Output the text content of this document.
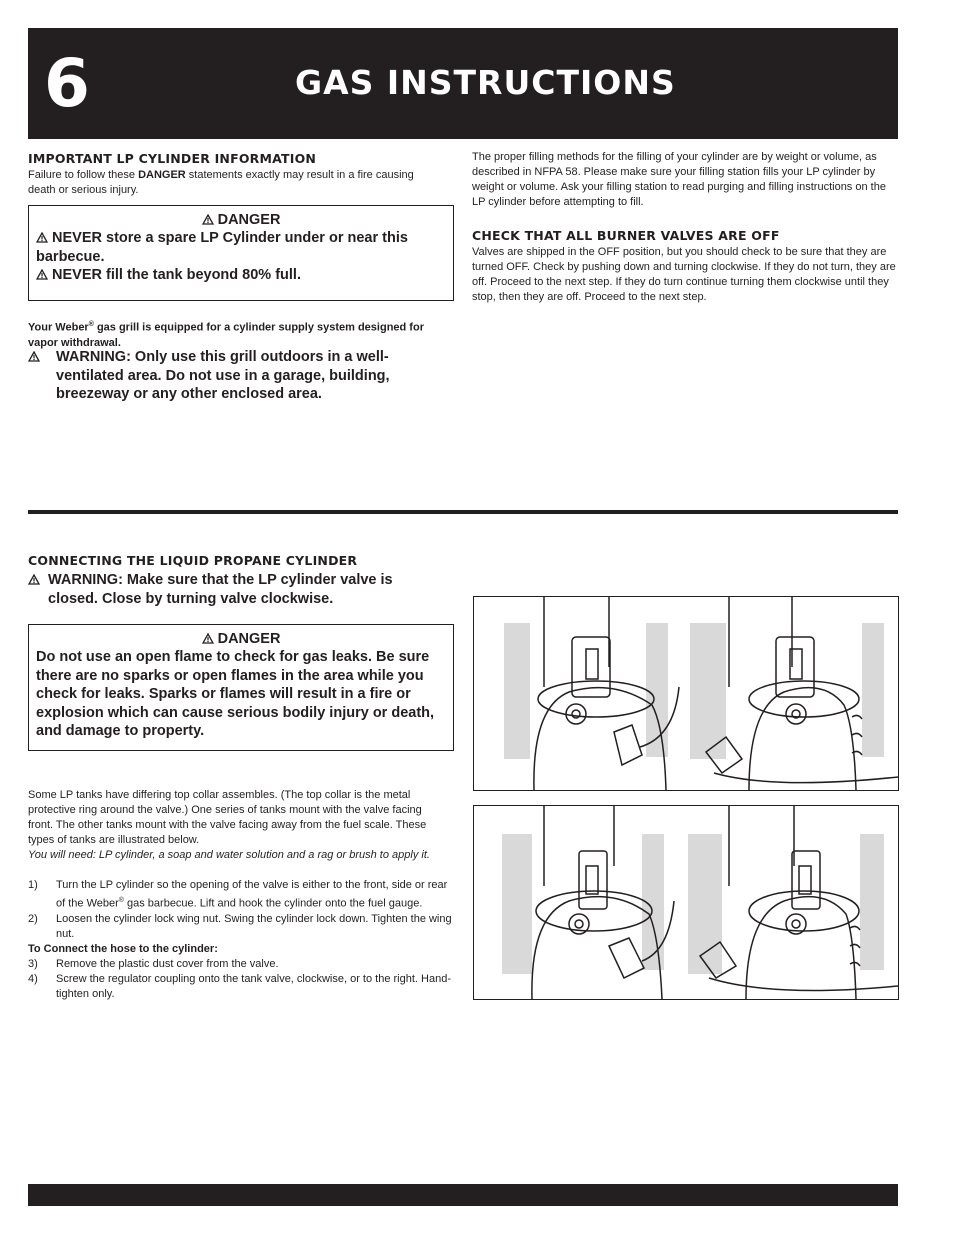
6	GAS INSTRUCTIONS
IMPORTANT LP CYLINDER INFORMATION
Failure to follow these DANGER statements exactly may result in a fire causing death or serious injury.
DANGER
NEVER store a spare LP Cylinder under or near this barbecue.
NEVER fill the tank beyond 80% full.
Your Weber® gas grill is equipped for a cylinder supply system designed for vapor withdrawal.
WARNING: Only use this grill outdoors in a well-ventilated area. Do not use in a garage, building, breezeway or any other enclosed area.
The proper filling methods for the filling of your cylinder are by weight or volume, as described in NFPA 58. Please make sure your filling station fills your LP cylinder by weight or volume. Ask your filling station to read purging and filling instructions on the LP cylinder before attempting to fill.
CHECK THAT ALL BURNER VALVES ARE OFF
Valves are shipped in the OFF position, but you should check to be sure that they are turned OFF. Check by pushing down and turning clockwise. If they do not turn, they are off. Proceed to the next step. If they do turn continue turning them clockwise until they stop, then they are off. Proceed to the next step.
CONNECTING THE LIQUID PROPANE CYLINDER
WARNING: Make sure that the LP cylinder valve is closed. Close by turning valve clockwise.
DANGER
Do not use an open flame to check for gas leaks. Be sure there are no sparks or open flames in the area while you check for leaks. Sparks or flames will result in a fire or explosion which can cause serious bodily injury or death, and damage to property.
Some LP tanks have differing top collar assembles. (The top collar is the metal protective ring around the valve.) One series of tanks mount with the valve facing front. The other tanks mount with the valve facing away from the fuel scale. These types of tanks are illustrated below.
You will need: LP cylinder, a soap and water solution and a rag or brush to apply it.
1)	Turn the LP cylinder so the opening of the valve is either to the front, side or rear of the Weber® gas barbecue. Lift and hook the cylinder onto the fuel gauge.
2)	Loosen the cylinder lock wing nut. Swing the cylinder lock down. Tighten the wing nut.
To Connect the hose to the cylinder:
3)	Remove the plastic dust cover from the valve.
4)	Screw the regulator coupling onto the tank valve, clockwise, or to the right. Hand-tighten only.
